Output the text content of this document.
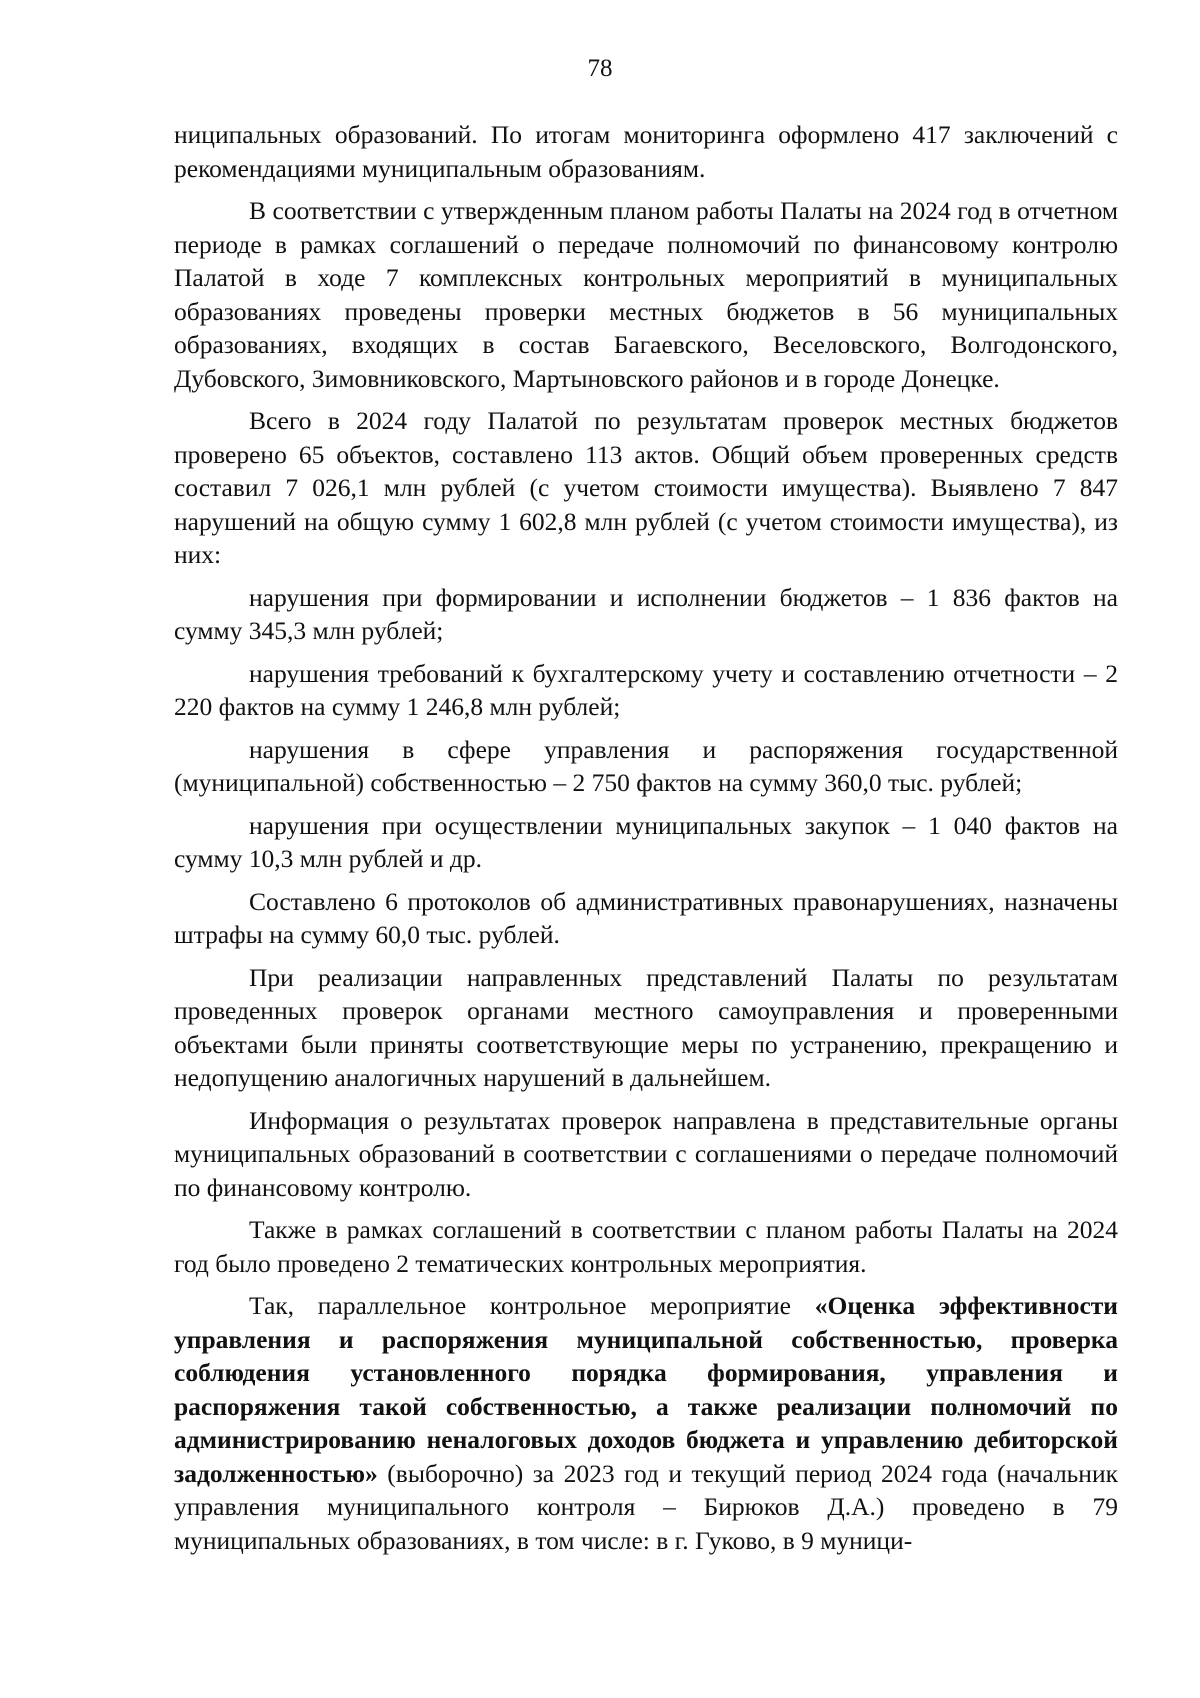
78

ниципальных образований. По итогам мониторинга оформлено 417 заключений с рекомендациями муниципальным образованиям.

В соответствии с утвержденным планом работы Палаты на 2024 год в отчетном периоде в рамках соглашений о передаче полномочий по финансовому контролю Палатой в ходе 7 комплексных контрольных мероприятий в муниципальных образованиях проведены проверки местных бюджетов в 56 муниципальных образованиях, входящих в состав Багаевского, Веселовского, Волгодонского, Дубовского, Зимовниковского, Мартыновского районов и в городе Донецке.

Всего в 2024 году Палатой по результатам проверок местных бюджетов проверено 65 объектов, составлено 113 актов. Общий объем проверенных средств составил 7 026,1 млн рублей (с учетом стоимости имущества). Выявлено 7 847 нарушений на общую сумму 1 602,8 млн рублей (с учетом стоимости имущества), из них:

нарушения при формировании и исполнении бюджетов – 1 836 фактов на сумму 345,3 млн рублей;

нарушения требований к бухгалтерскому учету и составлению отчетности – 2 220 фактов на сумму 1 246,8 млн рублей;

нарушения в сфере управления и распоряжения государственной (муниципальной) собственностью – 2 750 фактов на сумму 360,0 тыс. рублей;

нарушения при осуществлении муниципальных закупок – 1 040 фактов на сумму 10,3 млн рублей и др.

Составлено 6 протоколов об административных правонарушениях, назначены штрафы на сумму 60,0 тыс. рублей.

При реализации направленных представлений Палаты по результатам проведенных проверок органами местного самоуправления и проверенными объектами были приняты соответствующие меры по устранению, прекращению и недопущению аналогичных нарушений в дальнейшем.

Информация о результатах проверок направлена в представительные органы муниципальных образований в соответствии с соглашениями о передаче полномочий по финансовому контролю.

Также в рамках соглашений в соответствии с планом работы Палаты на 2024 год было проведено 2 тематических контрольных мероприятия.

Так, параллельное контрольное мероприятие «Оценка эффективности управления и распоряжения муниципальной собственностью, проверка соблюдения установленного порядка формирования, управления и распоряжения такой собственностью, а также реализации полномочий по администрированию неналоговых доходов бюджета и управлению дебиторской задолженностью» (выборочно) за 2023 год и текущий период 2024 года (начальник управления муниципального контроля – Бирюков Д.А.) проведено в 79 муниципальных образованиях, в том числе: в г. Гуково, в 9 муници-
